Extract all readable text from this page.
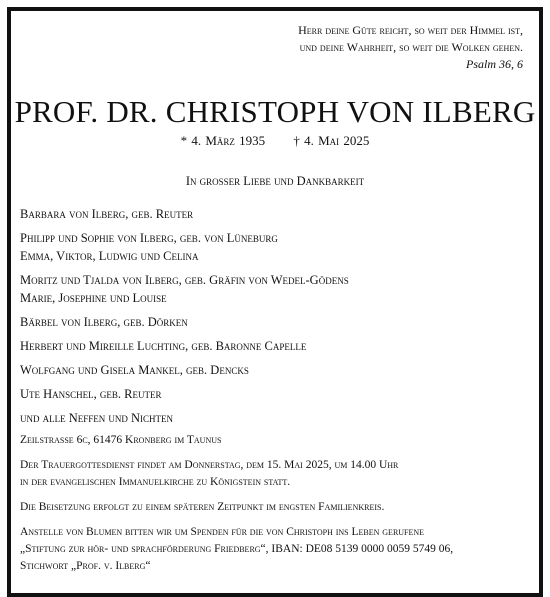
Herr deine Güte reicht, so weit der Himmel ist,
und deine Wahrheit, so weit die Wolken gehen.
Psalm 36, 6
PROF. DR. CHRISTOPH VON ILBERG
* 4. März 1935 † 4. Mai 2025
In grosser Liebe und Dankbarkeit
Barbara von Ilberg, geb. Reuter
Philipp und Sophie von Ilberg, geb. von Lüneburg
Emma, Viktor, Ludwig und Celina
Moritz und Tjalda von Ilberg, geb. Gräfin von Wedel-Gödens
Marie, Josephine und Louise
Bärbel von Ilberg, geb. Dörken
Herbert und Mireille Luchting, geb. Baronne Capelle
Wolfgang und Gisela Mankel, geb. Dencks
Ute Hanschel, geb. Reuter
und alle Neffen und Nichten

Zeilstrasse 6c, 61476 Kronberg im Taunus

Der Trauergottesdienst findet am Donnerstag, dem 15. Mai 2025, um 14.00 Uhr
in der evangelischen Immanuelkirche zu Königstein statt.

Die Beisetzung erfolgt zu einem späteren Zeitpunkt im engsten Familienkreis.

Anstelle von Blumen bitten wir um Spenden für die von Christoph ins Leben gerufene
„Stiftung zur hör- und sprachförderung Friedberg“, IBAN: DE08 5139 0000 0059 5749 06,
Stichwort „Prof. v. Ilberg“
